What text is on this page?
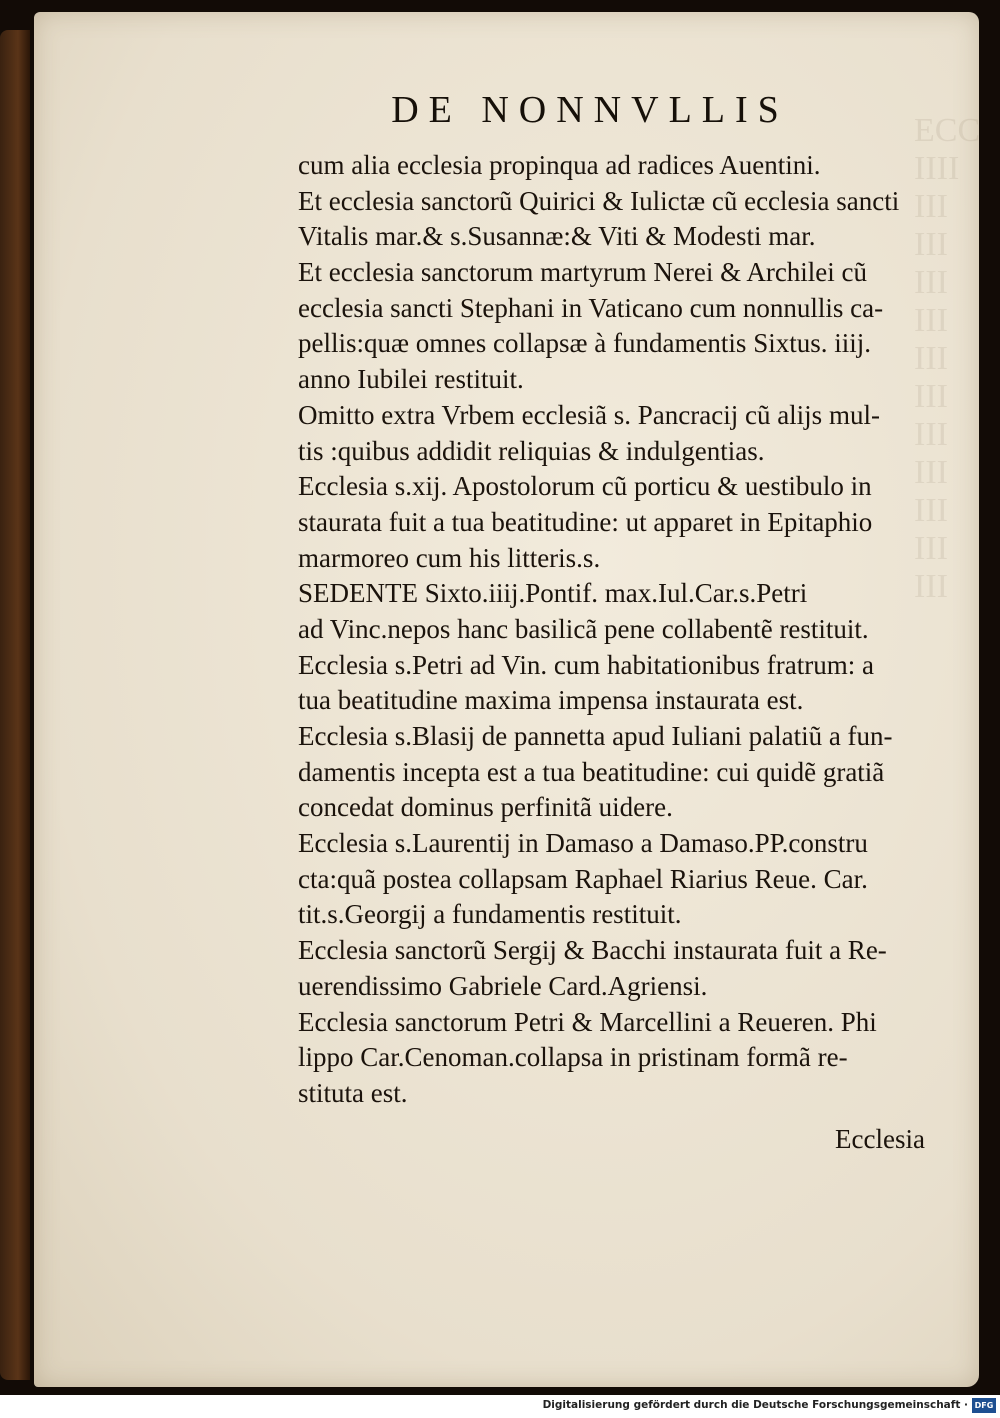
ECC
IIII
III
III
III
III
III
III
III
III
III
III
III
DE NONNVLLIS
cum alia ecclesia propinqua ad radices Auentini.
Et ecclesia sanctorũ Quirici & Iulictæ cũ ecclesia sancti
Vitalis mar.& s.Susannæ:& Viti & Modesti mar.
Et ecclesia sanctorum martyrum Nerei & Archilei cũ
ecclesia sancti Stephani in Vaticano cum nonnullis ca-
pellis:quæ omnes collapsæ à fundamentis Sixtus. iiij.
anno Iubilei restituit.
Omitto extra Vrbem ecclesiã s. Pancracij cũ alijs mul-
tis :quibus addidit reliquias & indulgentias.
Ecclesia s.xij. Apostolorum cũ porticu & uestibulo in
staurata fuit a tua beatitudine: ut apparet in Epitaphio
marmoreo cum his litteris.s.
SEDENTE Sixto.iiij.Pontif. max.Iul.Car.s.Petri
ad Vinc.nepos hanc basilicã pene collabentẽ restituit.
Ecclesia s.Petri ad Vin. cum habitationibus fratrum: a
tua beatitudine maxima impensa instaurata est.
Ecclesia s.Blasij de pannetta apud Iuliani palatiũ a fun-
damentis incepta est a tua beatitudine: cui quidẽ gratiã
concedat dominus perfinitã uidere.
Ecclesia s.Laurentij in Damaso a Damaso.PP.constru
cta:quã postea collapsam Raphael Riarius Reue. Car.
tit.s.Georgij a fundamentis restituit.
Ecclesia sanctorũ Sergij & Bacchi instaurata fuit a Re-
uerendissimo Gabriele Card.Agriensi.
Ecclesia sanctorum Petri & Marcellini a Reueren. Phi
lippo Car.Cenoman.collapsa in pristinam formã re-
stituta est.
Ecclesia
Digitalisierung gefördert durch die Deutsche Forschungsgemeinschaft · DFG
